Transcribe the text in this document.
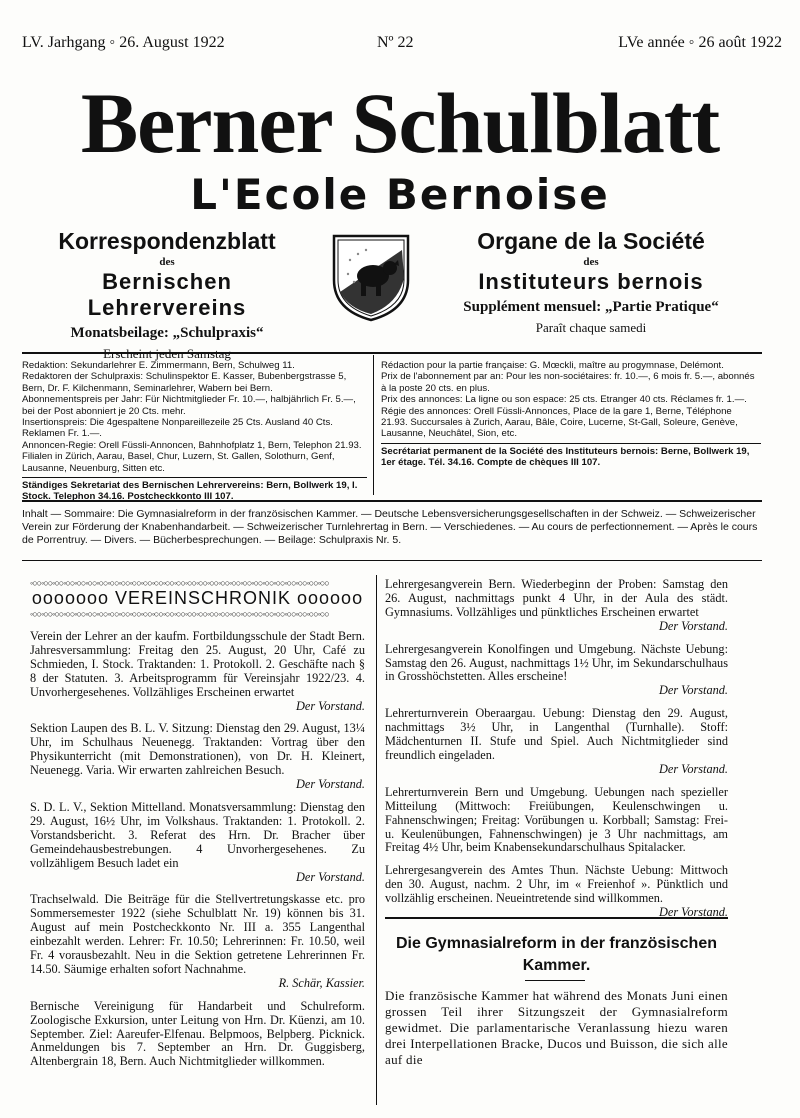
LV. Jarhgang ◦ 26. August 1922	Nº 22	LVe année ◦ 26 août 1922
Berner Schulblatt
L'Ecole Bernoise
Korrespondenzblatt
des
Bernischen Lehrervereins
Monatsbeilage: „Schulpraxis“
Erscheint jeden Samstag
Organe de la Société
des
Instituteurs bernois
Supplément mensuel: „Partie Pratique“
Paraît chaque samedi

Redaktion: Sekundarlehrer E. Zimmermann, Bern, Schulweg 11.

Redaktoren der Schulpraxis: Schulinspektor E. Kasser, Bubenbergstrasse 5, Bern, Dr. F. Kilchenmann, Seminarlehrer, Wabern bei Bern.

Abonnementspreis per Jahr: Für Nichtmitglieder Fr. 10.—, halbjährlich Fr. 5.—, bei der Post abonniert je 20 Cts. mehr.

Insertionspreis: Die 4gespaltene Nonpareillezeile 25 Cts. Ausland 40 Cts. Reklamen Fr. 1.—.

Annoncen-Regie: Orell Füssli-Annoncen, Bahnhofplatz 1, Bern, Telephon 21.93. Filialen in Zürich, Aarau, Basel, Chur, Luzern, St. Gallen, Solothurn, Genf, Lausanne, Neuenburg, Sitten etc.

Ständiges Sekretariat des Bernischen Lehrervereins: Bern, Bollwerk 19, I. Stock. Telephon 34.16. Postcheckkonto III 107.

Rédaction pour la partie française: G. Mœckli, maître au progymnase, Delémont.

Prix de l'abonnement par an: Pour les non-sociétaires: fr. 10.—, 6 mois fr. 5.—, abonnés à la poste 20 cts. en plus.

Prix des annonces: La ligne ou son espace: 25 cts. Etranger 40 cts. Réclames fr. 1.—.

Régie des annonces: Orell Füssli-Annonces, Place de la gare 1, Berne, Téléphone 21.93. Succursales à Zurich, Aarau, Bâle, Coire, Lucerne, St-Gall, Soleure, Genève, Lausanne, Neuchâtel, Sion, etc.

Secrétariat permanent de la Société des Instituteurs bernois: Berne, Bollwerk 19, 1er étage. Tél. 34.16. Compte de chèques III 107.

Inhalt — Sommaire: Die Gymnasialreform in der französischen Kammer. — Deutsche Lebensversicherungsgesellschaften in der Schweiz. — Schweizerischer Verein zur Förderung der Knabenhandarbeit. — Schweizerischer Turnlehrertag in Bern. — Verschiedenes. — Au cours de perfectionnement. — Après le cours de Porrentruy. — Divers. — Bücherbesprechungen. — Beilage: Schulpraxis Nr. 5.
◦○○◦○○◦○○◦○○◦○○◦○○◦○○◦○○◦○○◦○○◦○○◦○○◦○○◦○○◦○○◦○○◦○○◦○○◦○○◦○○◦○○◦○○◦○○◦○○◦○○◦○○◦○○
ooooooo VEREINSCHRONIK oooooo
◦○○◦○○◦○○◦○○◦○○◦○○◦○○◦○○◦○○◦○○◦○○◦○○◦○○◦○○◦○○◦○○◦○○◦○○◦○○◦○○◦○○◦○○◦○○◦○○◦○○◦○○◦○○

Verein der Lehrer an der kaufm. Fortbildungsschule der Stadt Bern. Jahresversammlung: Freitag den 25. August, 20 Uhr, Café zu Schmieden, I. Stock. Traktanden: 1. Protokoll. 2. Geschäfte nach § 8 der Statuten. 3. Arbeitsprogramm für Vereinsjahr 1922/23. 4. Unvorhergesehenes. Vollzähliges Erscheinen erwartet

Der Vorstand.

Sektion Laupen des B. L. V. Sitzung: Dienstag den 29. August, 13¼ Uhr, im Schulhaus Neuenegg. Traktanden: Vortrag über den Physikunterricht (mit Demonstrationen), von Dr. H. Kleinert, Neuenegg. Varia. Wir erwarten zahlreichen Besuch.

Der Vorstand.

S. D. L. V., Sektion Mittelland. Monatsversammlung: Dienstag den 29. August, 16½ Uhr, im Volkshaus. Traktanden: 1. Protokoll. 2. Vorstandsbericht. 3. Referat des Hrn. Dr. Bracher über Gemeindehausbestrebungen. 4 Unvorhergesehenes. Zu vollzähligem Besuch ladet ein

Der Vorstand.

Trachselwald. Die Beiträge für die Stellvertretungskasse etc. pro Sommersemester 1922 (siehe Schulblatt Nr. 19) können bis 31. August auf mein Postcheckkonto Nr. III a. 355 Langenthal einbezahlt werden. Lehrer: Fr. 10.50; Lehrerinnen: Fr. 10.50, weil Fr. 4 vorausbezahlt. Neu in die Sektion getretene Lehrerinnen Fr. 14.50. Säumige erhalten sofort Nachnahme.

R. Schär, Kassier.

Bernische Vereinigung für Handarbeit und Schulreform. Zoologische Exkursion, unter Leitung von Hrn. Dr. Küenzi, am 10. September. Ziel: Aareufer-Elfenau. Belpmoos, Belpberg. Picknick. Anmeldungen bis 7. September an Hrn. Dr. Guggisberg, Altenbergrain 18, Bern. Auch Nichtmitglieder willkommen.

Lehrergesangverein Bern. Wiederbeginn der Proben: Samstag den 26. August, nachmittags punkt 4 Uhr, in der Aula des städt. Gymnasiums. Vollzähliges und pünktliches Erscheinen erwartet

Der Vorstand.

Lehrergesangverein Konolfingen und Umgebung. Nächste Uebung: Samstag den 26. August, nachmittags 1½ Uhr, im Sekundarschulhaus in Grosshöchstetten. Alles erscheine!

Der Vorstand.

Lehrerturnverein Oberaargau. Uebung: Dienstag den 29. August, nachmittags 3½ Uhr, in Langenthal (Turnhalle). Stoff: Mädchenturnen II. Stufe und Spiel. Auch Nichtmitglieder sind freundlich eingeladen.

Der Vorstand.

Lehrerturnverein Bern und Umgebung. Uebungen nach spezieller Mitteilung (Mittwoch: Freiübungen, Keulenschwingen u. Fahnenschwingen; Freitag: Vorübungen u. Korbball; Samstag: Frei- u. Keulenübungen, Fahnenschwingen) je 3 Uhr nachmittags, am Freitag 4½ Uhr, beim Knabensekundarschulhaus Spitalacker.

Lehrergesangverein des Amtes Thun. Nächste Uebung: Mittwoch den 30. August, nachm. 2 Uhr, im « Freienhof ». Pünktlich und vollzählig erscheinen. Neueintretende sind willkommen.

Der Vorstand.

Die Gymnasialreform in der französischen Kammer.
Die französische Kammer hat während des Monats Juni einen grossen Teil ihrer Sitzungszeit der Gymnasialreform gewidmet. Die parlamentarische Veranlassung hiezu waren drei Interpellationen Bracke, Ducos und Buisson, die sich alle auf die
